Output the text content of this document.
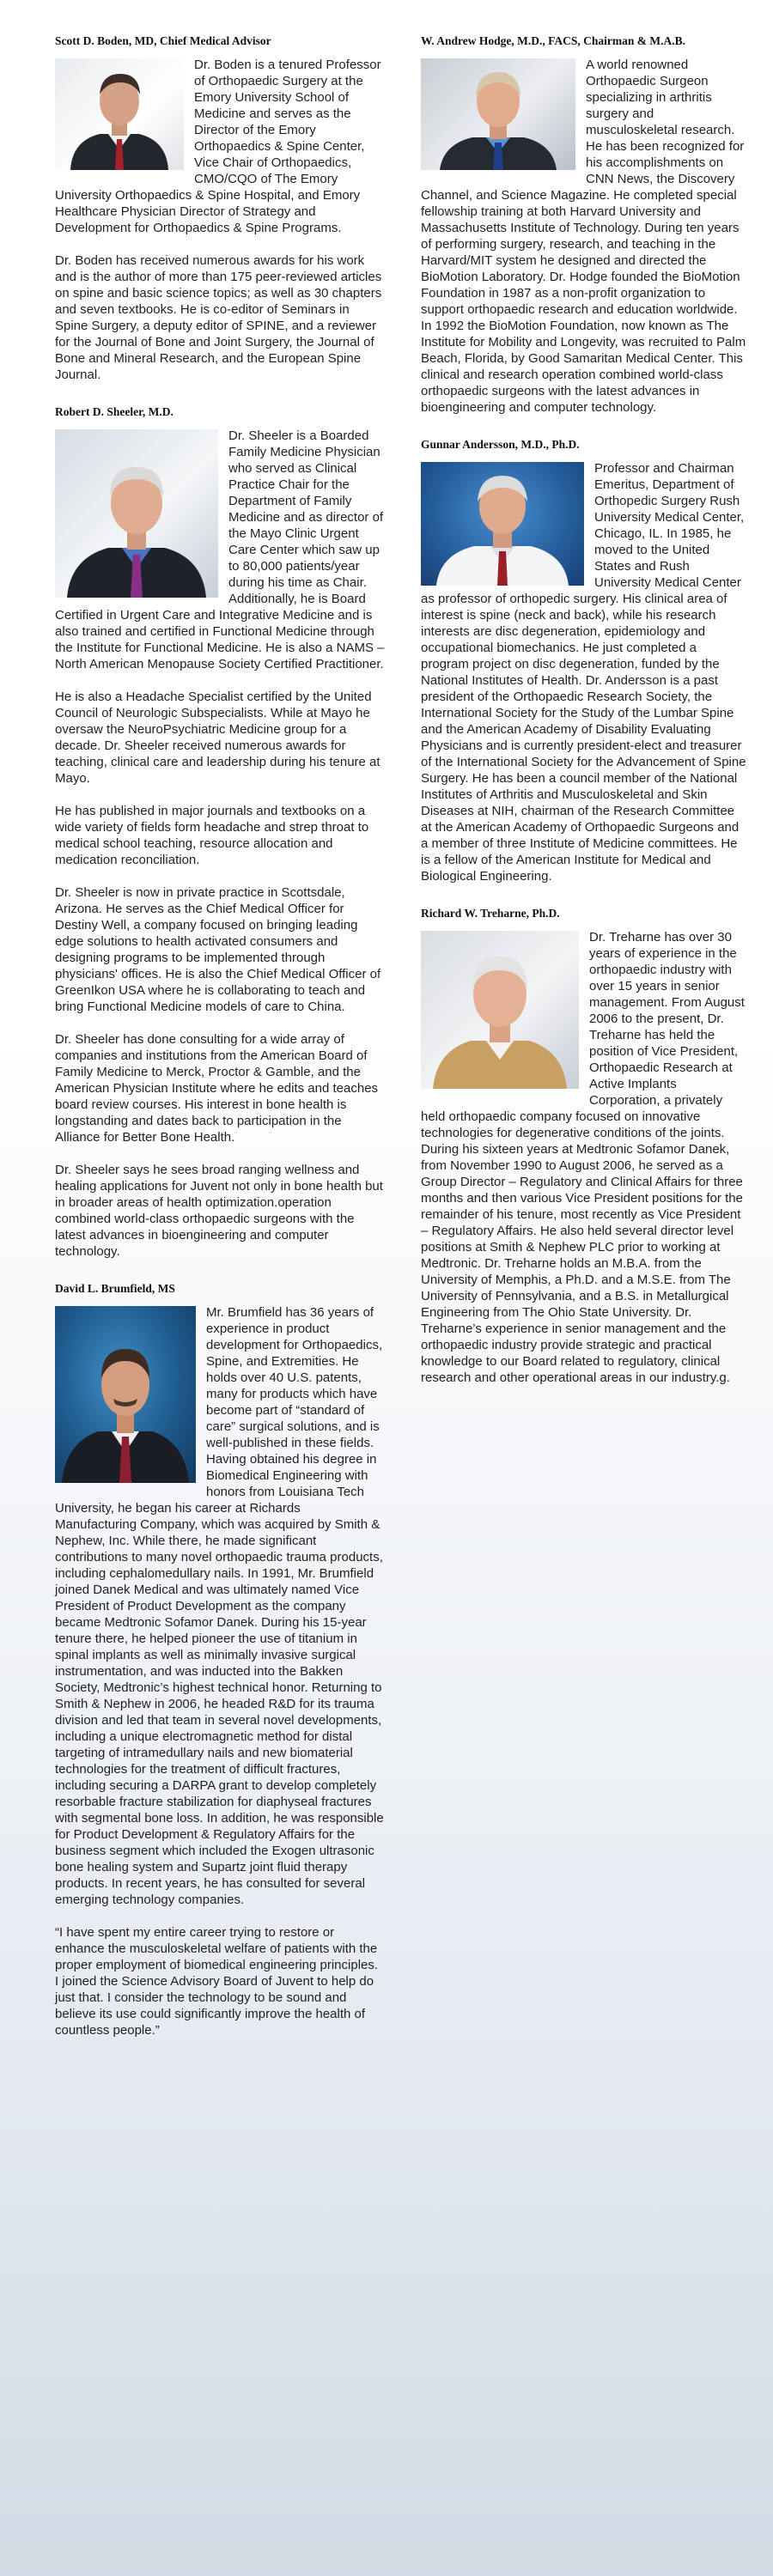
Scott D. Boden, MD, Chief Medical Advisor

Dr. Boden is a tenured Professor of Orthopaedic Surgery at the Emory University School of Medicine and serves as the Director of the Emory Orthopaedics & Spine Center, Vice Chair of Orthopaedics, CMO/CQO of The Emory University Orthopaedics & Spine Hospital, and Emory Healthcare Physician Director of Strategy and Development for Orthopaedics & Spine Programs.

Dr. Boden has received numerous awards for his work and is the author of more than 175 peer-reviewed articles on spine and basic science topics; as well as 30 chapters and seven textbooks. He is co-editor of Seminars in Spine Surgery, a deputy editor of SPINE, and a reviewer for the Journal of Bone and Joint Surgery, the Journal of Bone and Mineral Research, and the European Spine Journal.

Robert D. Sheeler, M.D.

Dr. Sheeler is a Boarded Family Medicine Physician who served as Clinical Practice Chair for the Department of Family Medicine and as director of the Mayo Clinic Urgent Care Center which saw up to 80,000 patients/year during his time as Chair. Additionally, he is Board Certified in Urgent Care and Integrative Medicine and is also trained and certified in Functional Medicine through the Institute for Functional Medicine. He is also a NAMS – North American Menopause Society Certified Practitioner.

He is also a Headache Specialist certified by the United Council of Neurologic Subspecialists. While at Mayo he oversaw the NeuroPsychiatric Medicine group for a decade. Dr. Sheeler received numerous awards for teaching, clinical care and leadership during his tenure at Mayo.

He has published in major journals and textbooks on a wide variety of fields form headache and strep throat to medical school teaching, resource allocation and medication reconciliation.

Dr. Sheeler is now in private practice in Scottsdale, Arizona. He serves as the Chief Medical Officer for Destiny Well, a company focused on bringing leading edge solutions to health activated consumers and designing programs to be implemented through physicians' offices. He is also the Chief Medical Officer of GreenIkon USA where he is collaborating to teach and bring Functional Medicine models of care to China.

Dr. Sheeler has done consulting for a wide array of companies and institutions from the American Board of Family Medicine to Merck, Proctor & Gamble, and the American Physician Institute where he edits and teaches board review courses. His interest in bone health is longstanding and dates back to participation in the Alliance for Better Bone Health.

Dr. Sheeler says he sees broad ranging wellness and healing applications for Juvent not only in bone health but in broader areas of health optimization.operation combined world-class orthopaedic surgeons with the latest advances in bioengineering and computer technology.

David L. Brumfield, MS

Mr. Brumfield has 36 years of experience in product development for Orthopaedics, Spine, and Extremities. He holds over 40 U.S. patents, many for products which have become part of “standard of care” surgical solutions, and is well-published in these fields. Having obtained his degree in Biomedical Engineering with honors from Louisiana Tech University, he began his career at Richards Manufacturing Company, which was acquired by Smith & Nephew, Inc. While there, he made significant contributions to many novel orthopaedic trauma products, including cephalomedullary nails. In 1991, Mr. Brumfield joined Danek Medical and was ultimately named Vice President of Product Development as the company became Medtronic Sofamor Danek. During his 15-year tenure there, he helped pioneer the use of titanium in spinal implants as well as minimally invasive surgical instrumentation, and was inducted into the Bakken Society, Medtronic’s highest technical honor. Returning to Smith & Nephew in 2006, he headed R&D for its trauma division and led that team in several novel developments, including a unique electromagnetic method for distal targeting of intramedullary nails and new biomaterial technologies for the treatment of difficult fractures, including securing a DARPA grant to develop completely resorbable fracture stabilization for diaphyseal fractures with segmental bone loss. In addition, he was responsible for Product Development & Regulatory Affairs for the business segment which included the Exogen ultrasonic bone healing system and Supartz joint fluid therapy products. In recent years, he has consulted for several emerging technology companies.

“I have spent my entire career trying to restore or enhance the musculoskeletal welfare of patients with the proper employment of biomedical engineering principles. I joined the Science Advisory Board of Juvent to help do just that. I consider the technology to be sound and believe its use could significantly improve the health of countless people.”

W. Andrew Hodge, M.D., FACS, Chairman & M.A.B.

A world renowned Orthopaedic Surgeon specializing in arthritis surgery and musculoskeletal research. He has been recognized for his accomplishments on CNN News, the Discovery Channel, and Science Magazine. He completed special fellowship training at both Harvard University and Massachusetts Institute of Technology. During ten years of performing surgery, research, and teaching in the Harvard/MIT system he designed and directed the BioMotion Laboratory. Dr. Hodge founded the BioMotion Foundation in 1987 as a non-profit organization to support orthopaedic research and education worldwide. In 1992 the BioMotion Foundation, now known as The Institute for Mobility and Longevity, was recruited to Palm Beach, Florida, by Good Samaritan Medical Center. This clinical and research operation combined world-class orthopaedic surgeons with the latest advances in bioengineering and computer technology.

Gunnar Andersson, M.D., Ph.D.

Professor and Chairman Emeritus, Department of Orthopedic Surgery Rush University Medical Center, Chicago, IL. In 1985, he moved to the United States and Rush University Medical Center as professor of orthopedic surgery. His clinical area of interest is spine (neck and back), while his research interests are disc degeneration, epidemiology and occupational biomechanics. He just completed a program project on disc degeneration, funded by the National Institutes of Health. Dr. Andersson is a past president of the Orthopaedic Research Society, the International Society for the Study of the Lumbar Spine and the American Academy of Disability Evaluating Physicians and is currently president-elect and treasurer of the International Society for the Advancement of Spine Surgery. He has been a council member of the National Institutes of Arthritis and Musculoskeletal and Skin Diseases at NIH, chairman of the Research Committee at the American Academy of Orthopaedic Surgeons and a member of three Institute of Medicine committees. He is a fellow of the American Institute for Medical and Biological Engineering.

Richard W. Treharne, Ph.D.

Dr. Treharne has over 30 years of experience in the orthopaedic industry with over 15 years in senior management. From August 2006 to the present, Dr. Treharne has held the position of Vice President, Orthopaedic Research at Active Implants Corporation, a privately held orthopaedic company focused on innovative technologies for degenerative conditions of the joints. During his sixteen years at Medtronic Sofamor Danek, from November 1990 to August 2006, he served as a Group Director – Regulatory and Clinical Affairs for three months and then various Vice President positions for the remainder of his tenure, most recently as Vice President – Regulatory Affairs. He also held several director level positions at Smith & Nephew PLC prior to working at Medtronic. Dr. Treharne holds an M.B.A. from the University of Memphis, a Ph.D. and a M.S.E. from The University of Pennsylvania, and a B.S. in Metallurgical Engineering from The Ohio State University. Dr. Treharne’s experience in senior management and the orthopaedic industry provide strategic and practical knowledge to our Board related to regulatory, clinical research and other operational areas in our industry.g.
